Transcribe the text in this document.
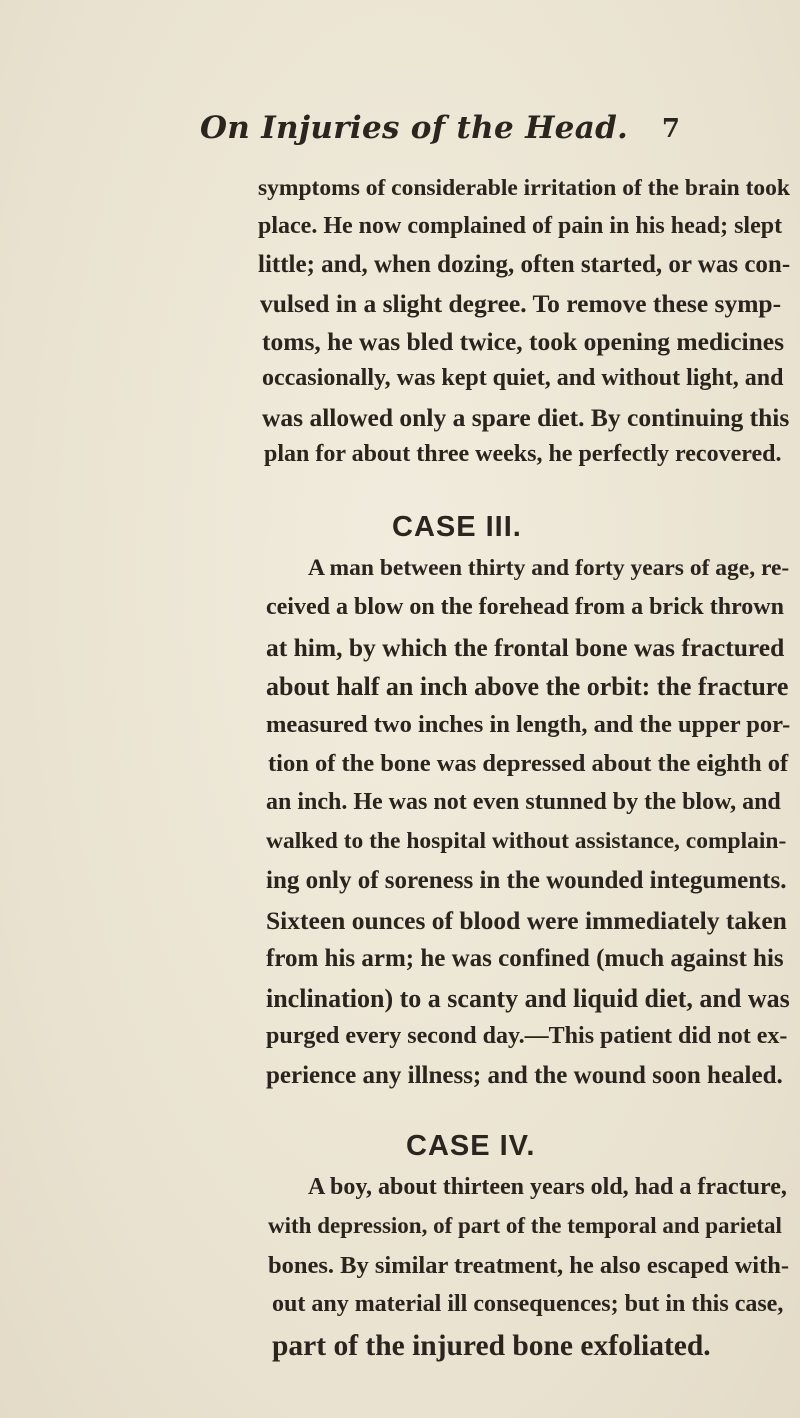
On Injuries of the Head. 7
symptoms of considerable irritation of the brain took
place. He now complained of pain in his head; slept
little; and, when dozing, often started, or was con-
vulsed in a slight degree. To remove these symp-
toms, he was bled twice, took opening medicines
occasionally, was kept quiet, and without light, and
was allowed only a spare diet. By continuing this
plan for about three weeks, he perfectly recovered.
CASE III.
A man between thirty and forty years of age, re-
ceived a blow on the forehead from a brick thrown
at him, by which the frontal bone was fractured
about half an inch above the orbit: the fracture
measured two inches in length, and the upper por-
tion of the bone was depressed about the eighth of
an inch. He was not even stunned by the blow, and
walked to the hospital without assistance, complain-
ing only of soreness in the wounded integuments.
Sixteen ounces of blood were immediately taken
from his arm; he was confined (much against his
inclination) to a scanty and liquid diet, and was
purged every second day.—This patient did not ex-
perience any illness; and the wound soon healed.
CASE IV.
A boy, about thirteen years old, had a fracture,
with depression, of part of the temporal and parietal
bones. By similar treatment, he also escaped with-
out any material ill consequences; but in this case,
part of the injured bone exfoliated.
